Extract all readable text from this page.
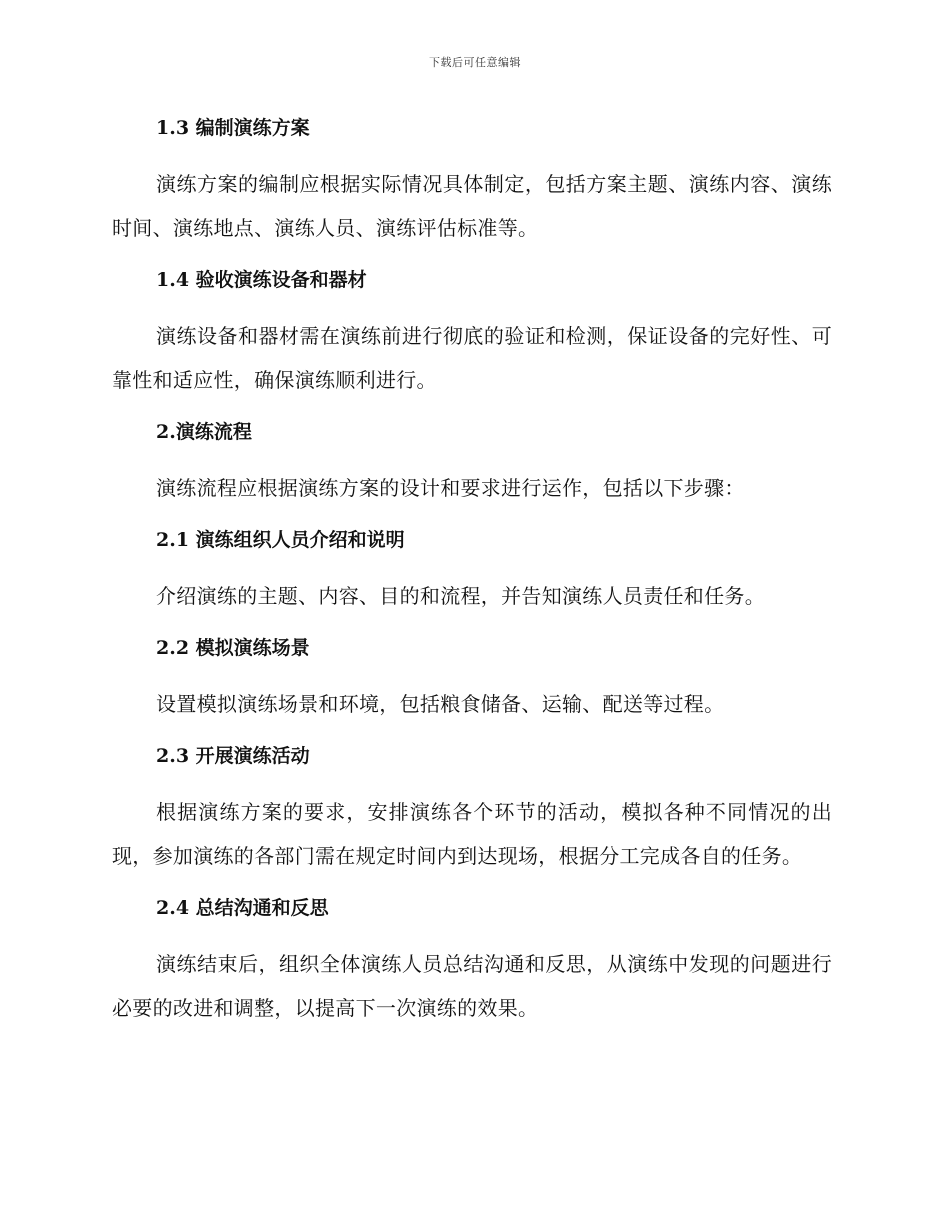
下载后可任意编辑
1.3 编制演练方案
演练方案的编制应根据实际情况具体制定，包括方案主题、演练内容、演练时间、演练地点、演练人员、演练评估标准等。
1.4 验收演练设备和器材
演练设备和器材需在演练前进行彻底的验证和检测，保证设备的完好性、可靠性和适应性，确保演练顺利进行。
2.演练流程
演练流程应根据演练方案的设计和要求进行运作，包括以下步骤：
2.1 演练组织人员介绍和说明
介绍演练的主题、内容、目的和流程，并告知演练人员责任和任务。
2.2 模拟演练场景
设置模拟演练场景和环境，包括粮食储备、运输、配送等过程。
2.3 开展演练活动
根据演练方案的要求，安排演练各个环节的活动，模拟各种不同情况的出现，参加演练的各部门需在规定时间内到达现场，根据分工完成各自的任务。
2.4 总结沟通和反思
演练结束后，组织全体演练人员总结沟通和反思，从演练中发现的问题进行必要的改进和调整，以提高下一次演练的效果。
